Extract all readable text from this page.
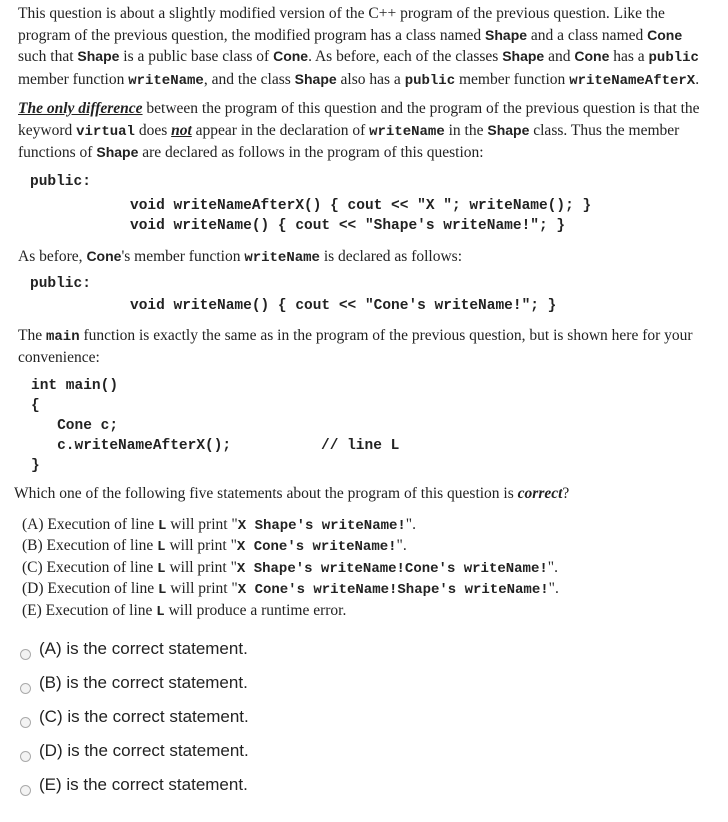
This question is about a slightly modified version of the C++ program of the previous question. Like the program of the previous question, the modified program has a class named Shape and a class named Cone such that Shape is a public base class of Cone. As before, each of the classes Shape and Cone has a public member function writeName, and the class Shape also has a public member function writeNameAfterX.

The only difference between the program of this question and the program of the previous question is that the keyword virtual does not appear in the declaration of writeName in the Shape class. Thus the member functions of Shape are declared as follows in the program of this question:

public:
void writeNameAfterX() { cout << "X "; writeName(); }
void writeName() { cout << "Shape's writeName!"; }

As before, Cone's member function writeName is declared as follows:

public:
void writeName() { cout << "Cone's writeName!"; }

The main function is exactly the same as in the program of the previous question, but is shown here for your convenience:

int main()
{
Cone c;
c.writeNameAfterX();	// line L
}

Which one of the following five statements about the program of this question is correct?

(A) Execution of line L will print "X Shape's writeName!".

(B) Execution of line L will print "X Cone's writeName!".

(C) Execution of line L will print "X Shape's writeName!Cone's writeName!".

(D) Execution of line L will print "X Cone's writeName!Shape's writeName!".

(E) Execution of line L will produce a runtime error.

(A) is the correct statement.
(B) is the correct statement.
(C) is the correct statement.
(D) is the correct statement.
(E) is the correct statement.
